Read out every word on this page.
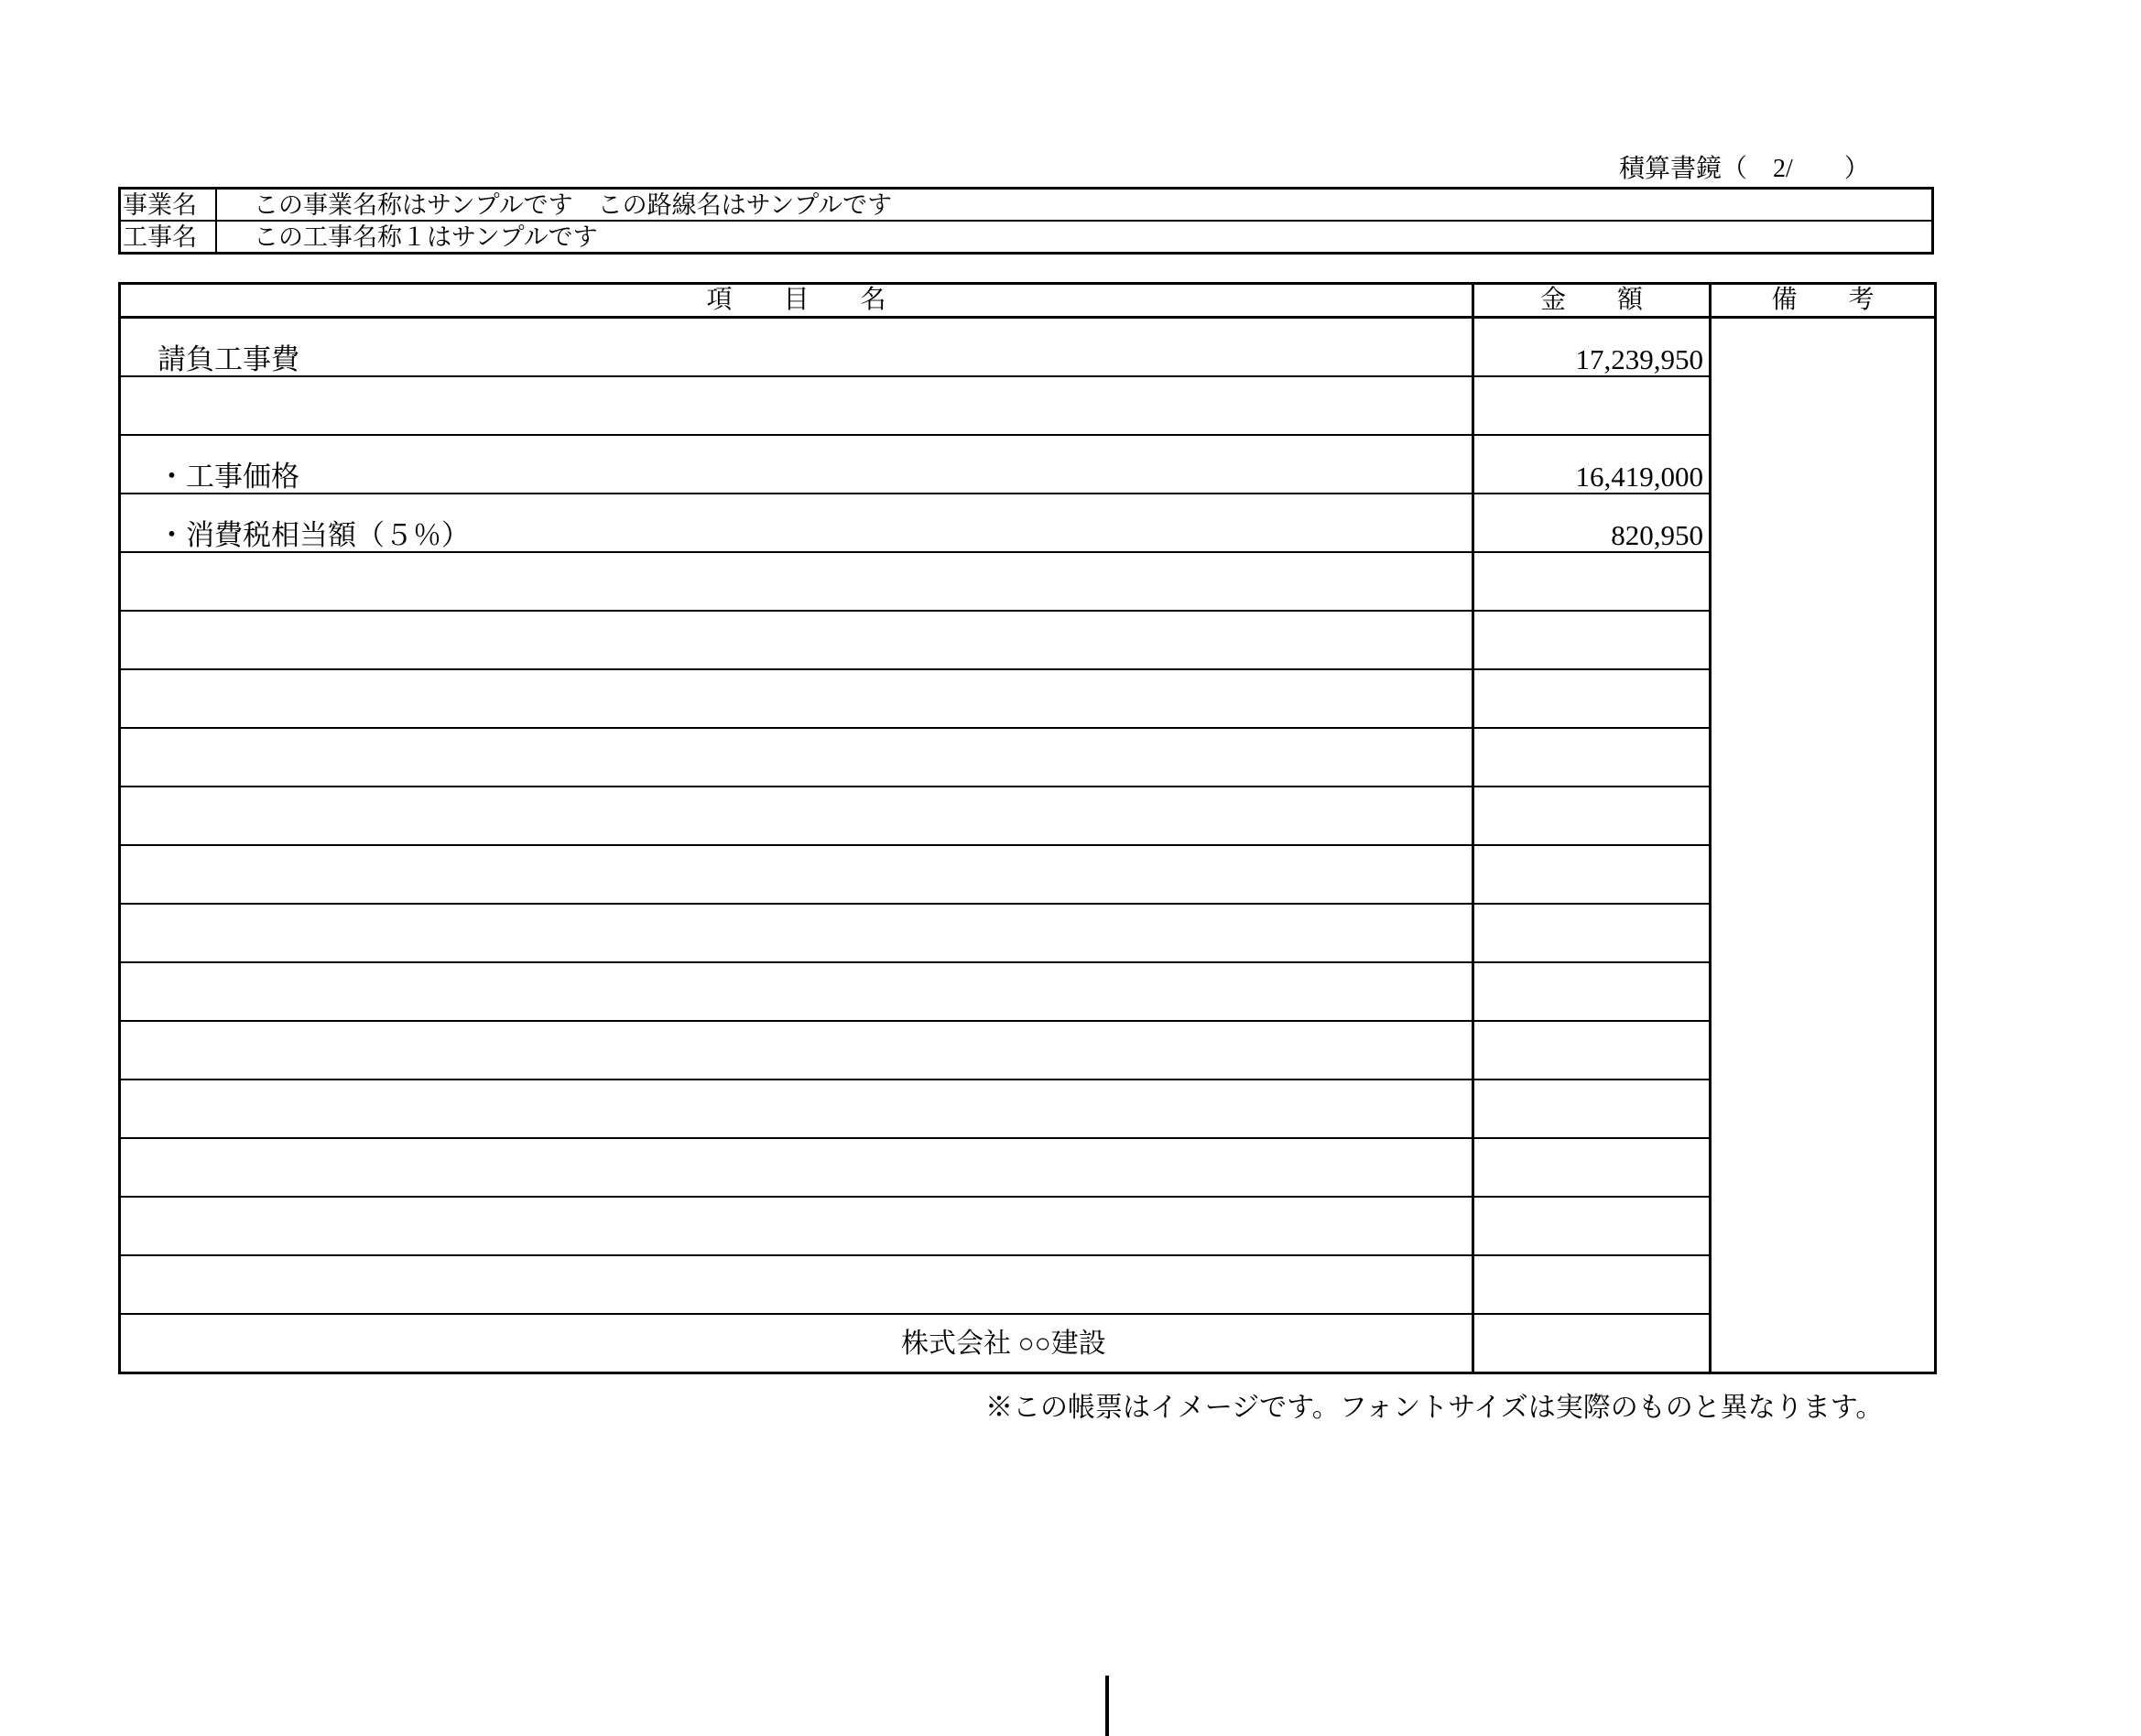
積算書鏡（　2/　　）
事業名	この事業名称はサンプルです　この路線名はサンプルです
工事名	この工事名称１はサンプルです
項　　目　　名	金　　額	備　　考
請負工事費	17,239,950	

・工事価格	16,419,000	

・消費税相当額（５％）	820,950	

株式会社 ○○建設
※この帳票はイメージです。フォントサイズは実際のものと異なります。
